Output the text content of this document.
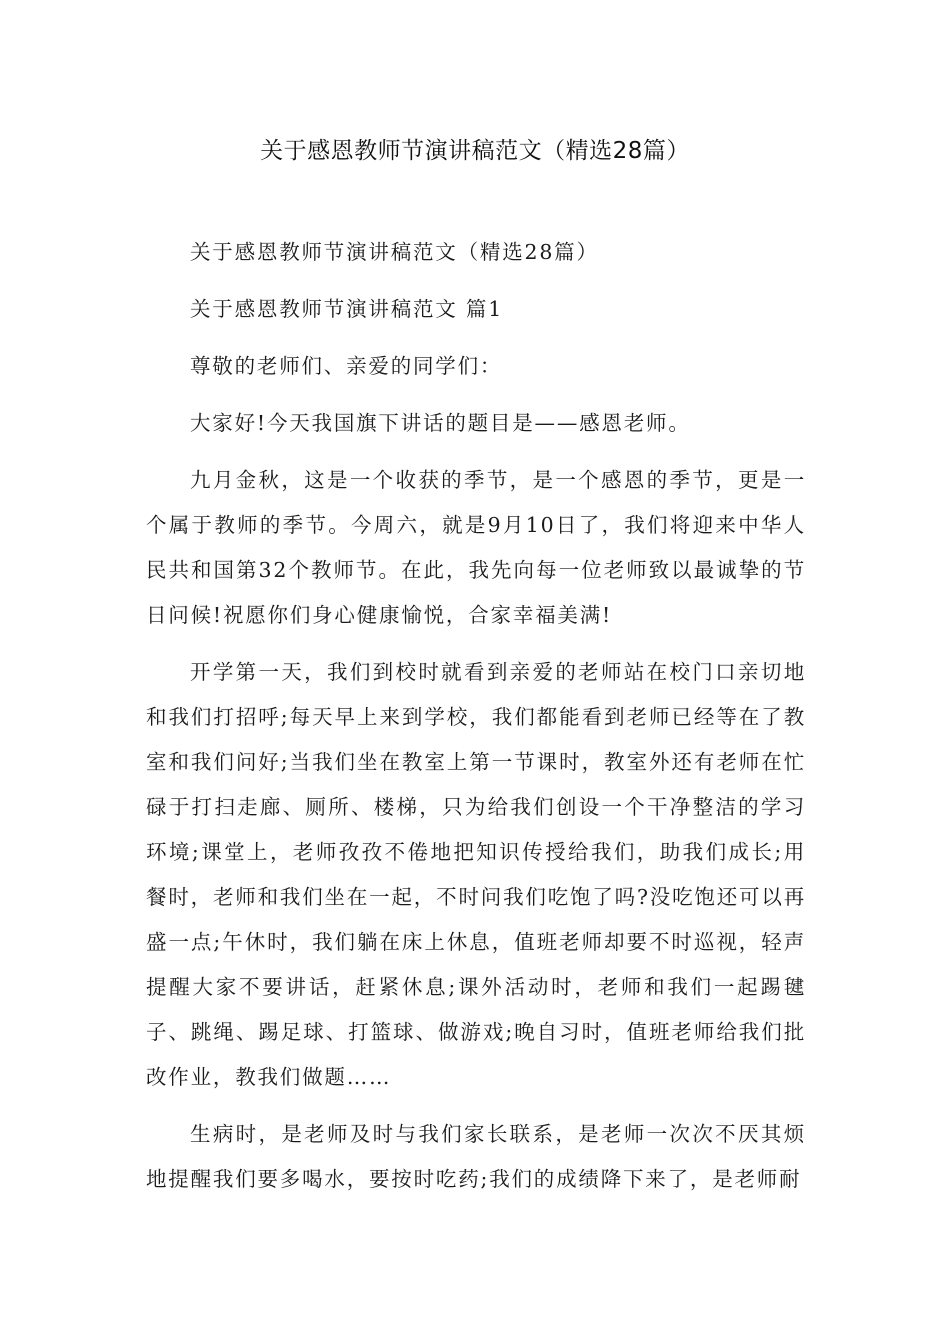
关于感恩教师节演讲稿范文（精选28篇）

关于感恩教师节演讲稿范文（精选28篇）

关于感恩教师节演讲稿范文 篇1

尊敬的老师们、亲爱的同学们：

大家好!今天我国旗下讲话的题目是——感恩老师。

九月金秋，这是一个收获的季节，是一个感恩的季节，更是一个属于教师的季节。今周六，就是9月10日了，我们将迎来中华人民共和国第32个教师节。在此，我先向每一位老师致以最诚挚的节日问候!祝愿你们身心健康愉悦，合家幸福美满!

开学第一天，我们到校时就看到亲爱的老师站在校门口亲切地和我们打招呼;每天早上来到学校，我们都能看到老师已经等在了教室和我们问好;当我们坐在教室上第一节课时，教室外还有老师在忙碌于打扫走廊、厕所、楼梯，只为给我们创设一个干净整洁的学习环境;课堂上，老师孜孜不倦地把知识传授给我们，助我们成长;用餐时，老师和我们坐在一起，不时问我们吃饱了吗?没吃饱还可以再盛一点;午休时，我们躺在床上休息，值班老师却要不时巡视，轻声提醒大家不要讲话，赶紧休息;课外活动时，老师和我们一起踢毽子、跳绳、踢足球、打篮球、做游戏;晚自习时，值班老师给我们批改作业，教我们做题……

生病时，是老师及时与我们家长联系，是老师一次次不厌其烦地提醒我们要多喝水，要按时吃药;我们的成绩降下来了，是老师耐
